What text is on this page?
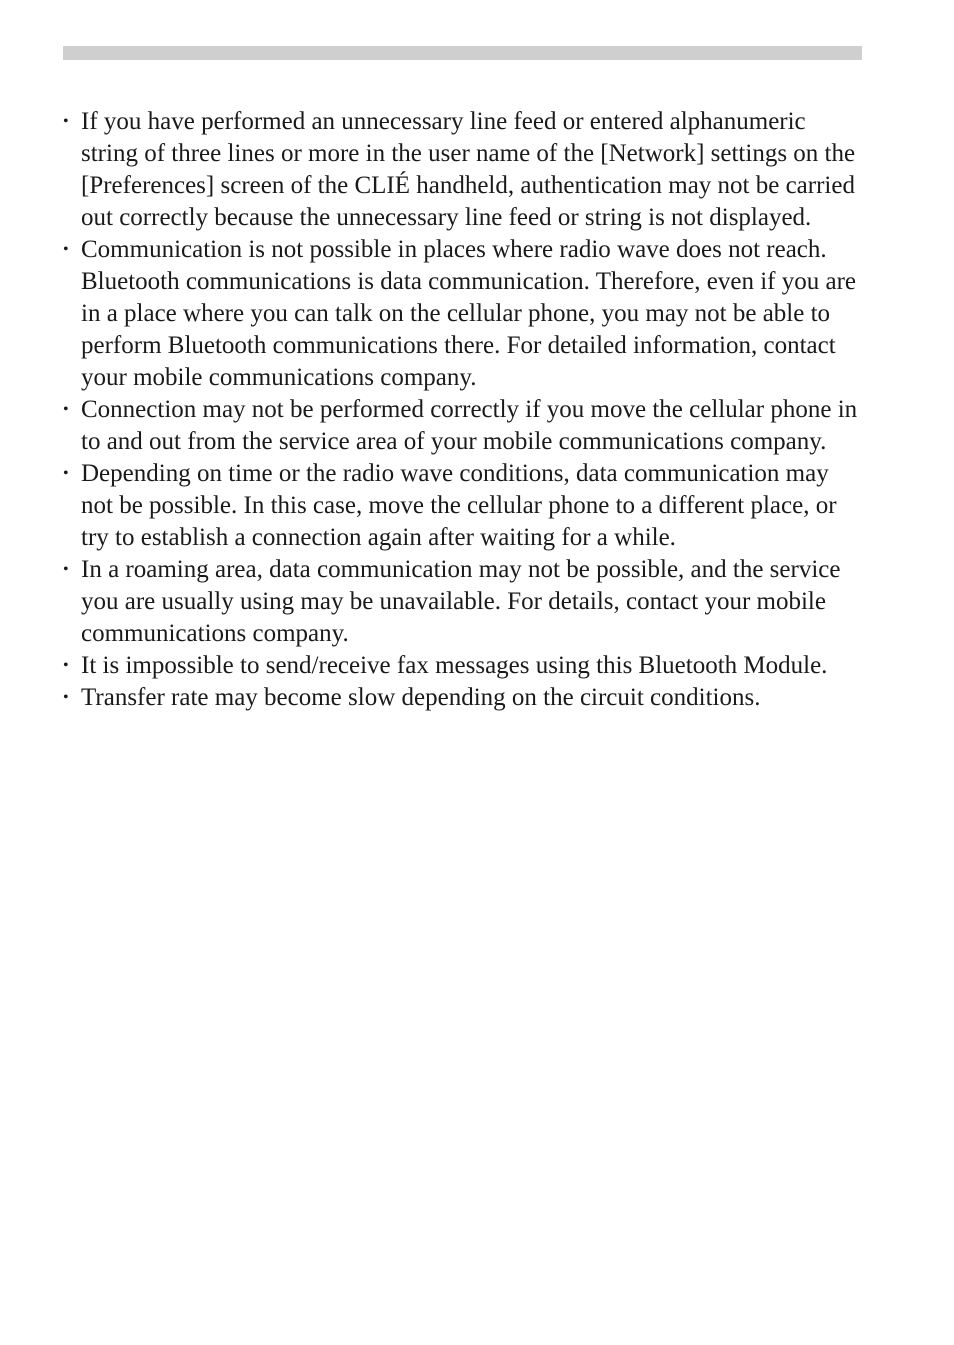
• If you have performed an unnecessary line feed or entered alphanumeric string of three lines or more in the user name of the [Network] settings on the [Preferences] screen of the CLIÉ handheld, authentication may not be carried out correctly because the unnecessary line feed or string is not displayed.
• Communication is not possible in places where radio wave does not reach. Bluetooth communications is data communication. Therefore, even if you are in a place where you can talk on the cellular phone, you may not be able to perform Bluetooth communications there. For detailed information, contact your mobile communications company.
• Connection may not be performed correctly if you move the cellular phone in to and out from the service area of your mobile communications company.
• Depending on time or the radio wave conditions, data communication may not be possible. In this case, move the cellular phone to a different place, or try to establish a connection again after waiting for a while.
• In a roaming area, data communication may not be possible, and the service you are usually using may be unavailable. For details, contact your mobile communications company.
• It is impossible to send/receive fax messages using this Bluetooth Module.
• Transfer rate may become slow depending on the circuit conditions.
